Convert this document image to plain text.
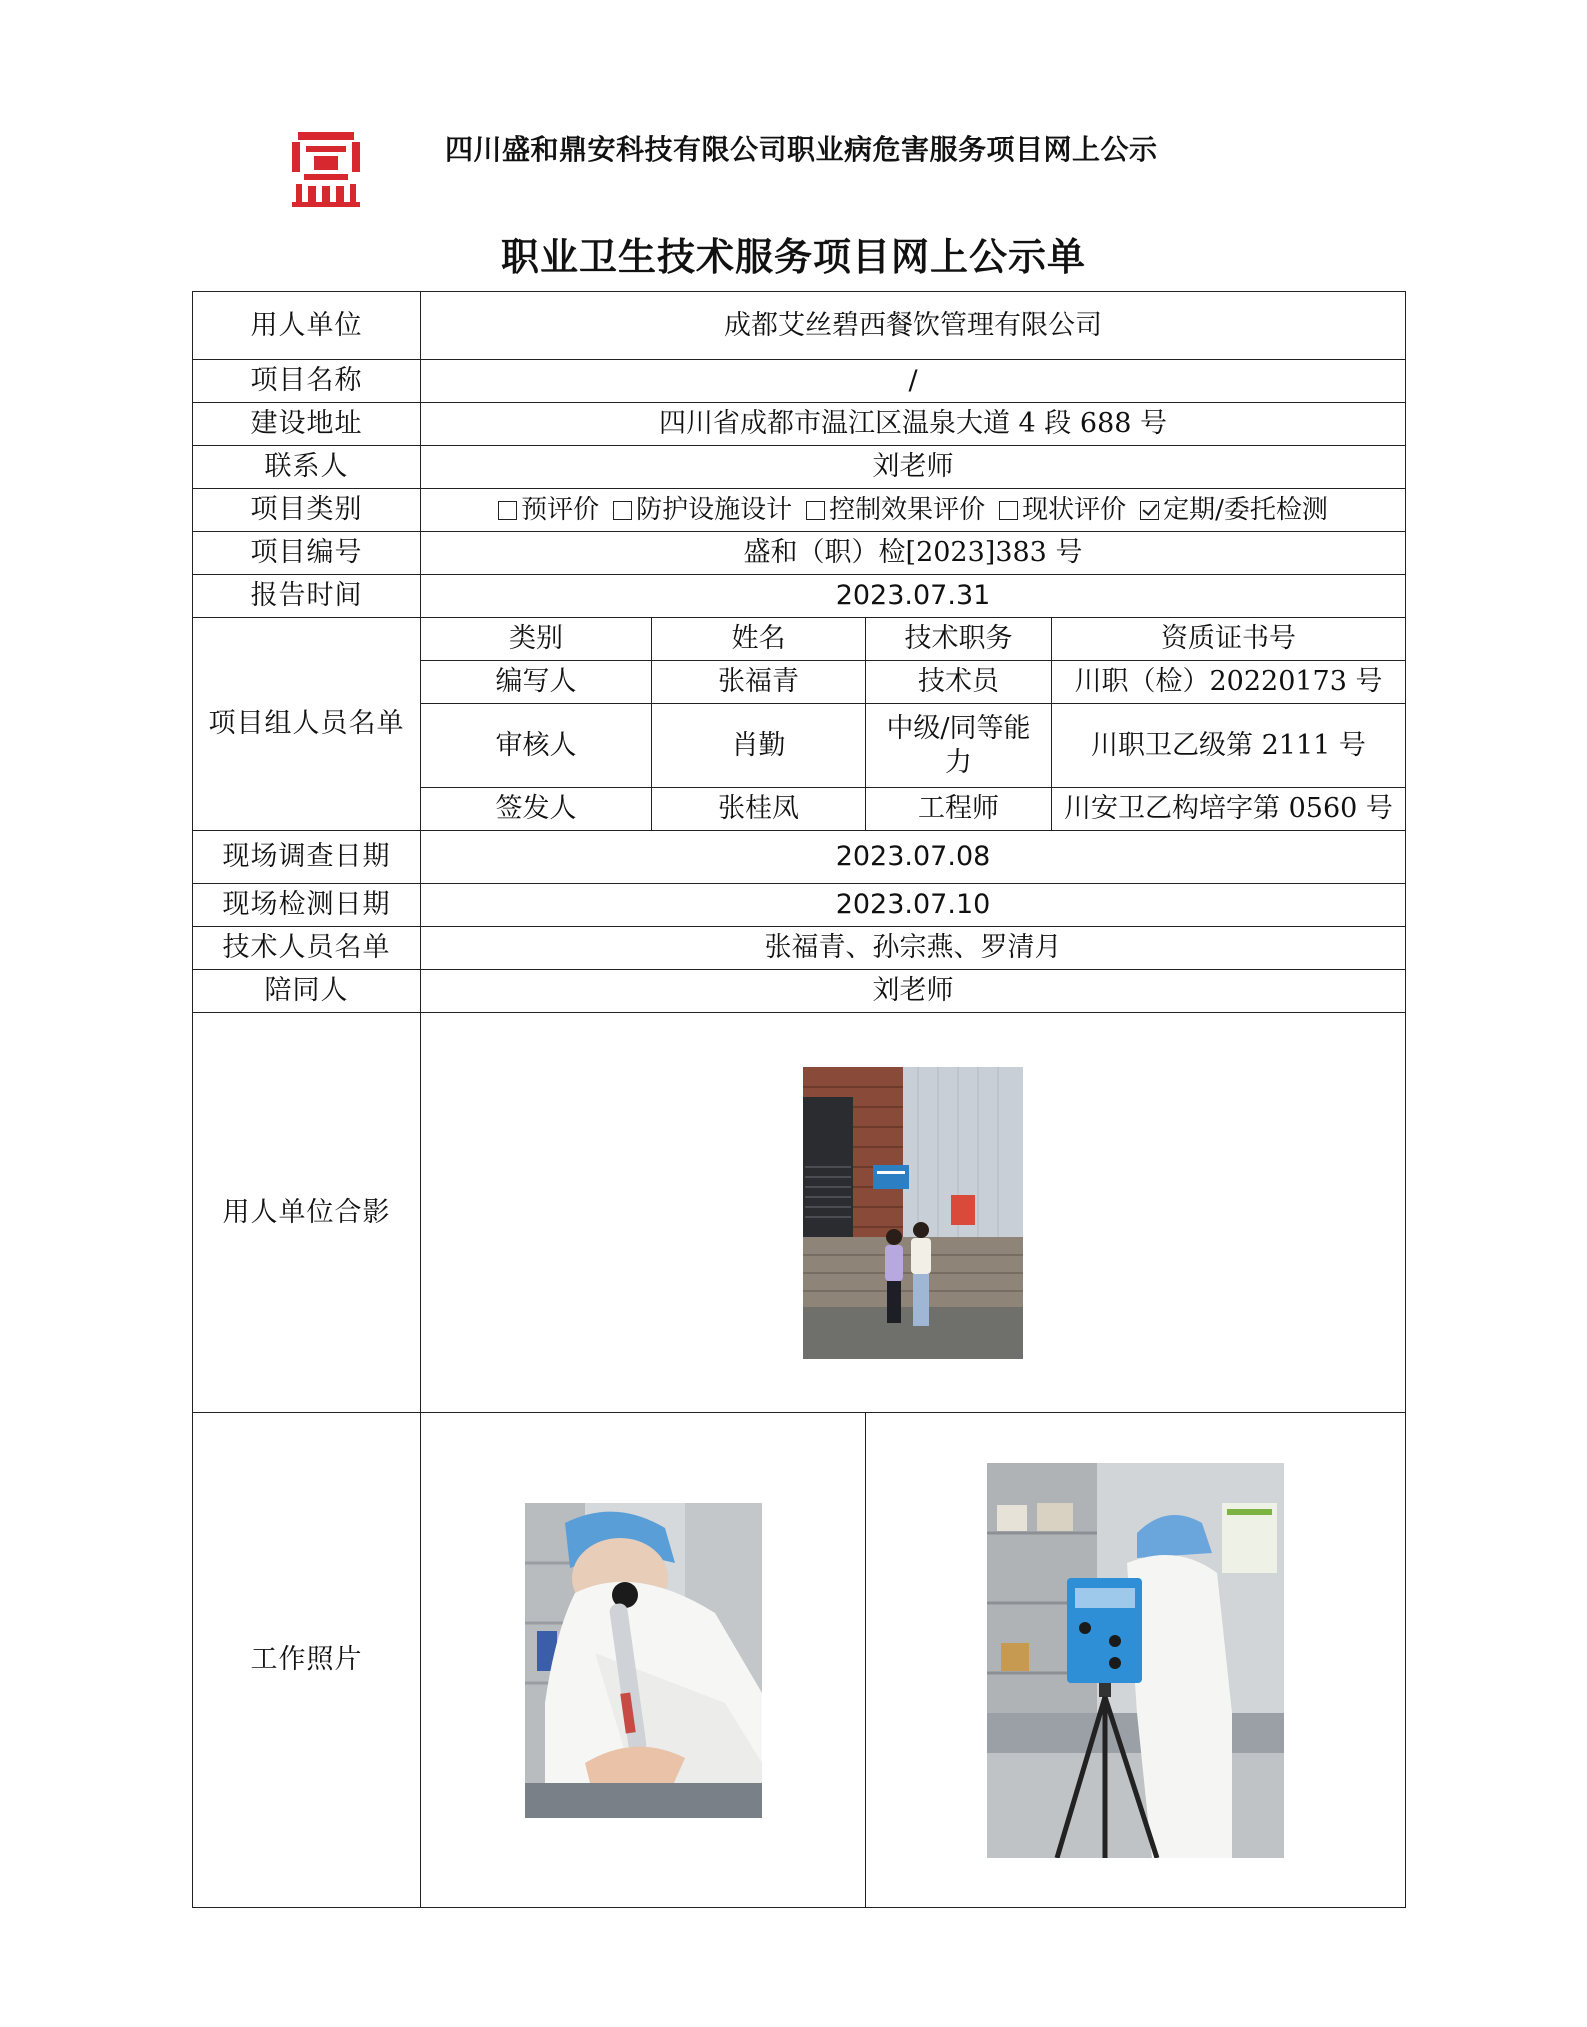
四川盛和鼎安科技有限公司职业病危害服务项目网上公示
职业卫生技术服务项目网上公示单
用人单位	成都艾丝碧西餐饮管理有限公司			
项目名称	/			
建设地址	四川省成都市温江区温泉大道 4 段 688 号			
联系人	刘老师			
项目类别	预评价 防护设施设计 控制效果评价 现状评价 定期/委托检测			

项目编号	盛和（职）检[2023]383 号			
报告时间	2023.07.31			
项目组人员名单	类别	姓名	技术职务	资质证书号
	编写人	张福青	技术员	川职（检）20220173 号
	审核人	肖勤	中级/同等能力	川职卫乙级第 2111 号
	签发人	张桂凤	工程师	川安卫乙构培字第 0560 号
现场调查日期	2023.07.08			
现场检测日期	2023.07.10			
技术人员名单	张福青、孙宗燕、罗清月			
陪同人	刘老师			
用人单位合影	

工作照片	
